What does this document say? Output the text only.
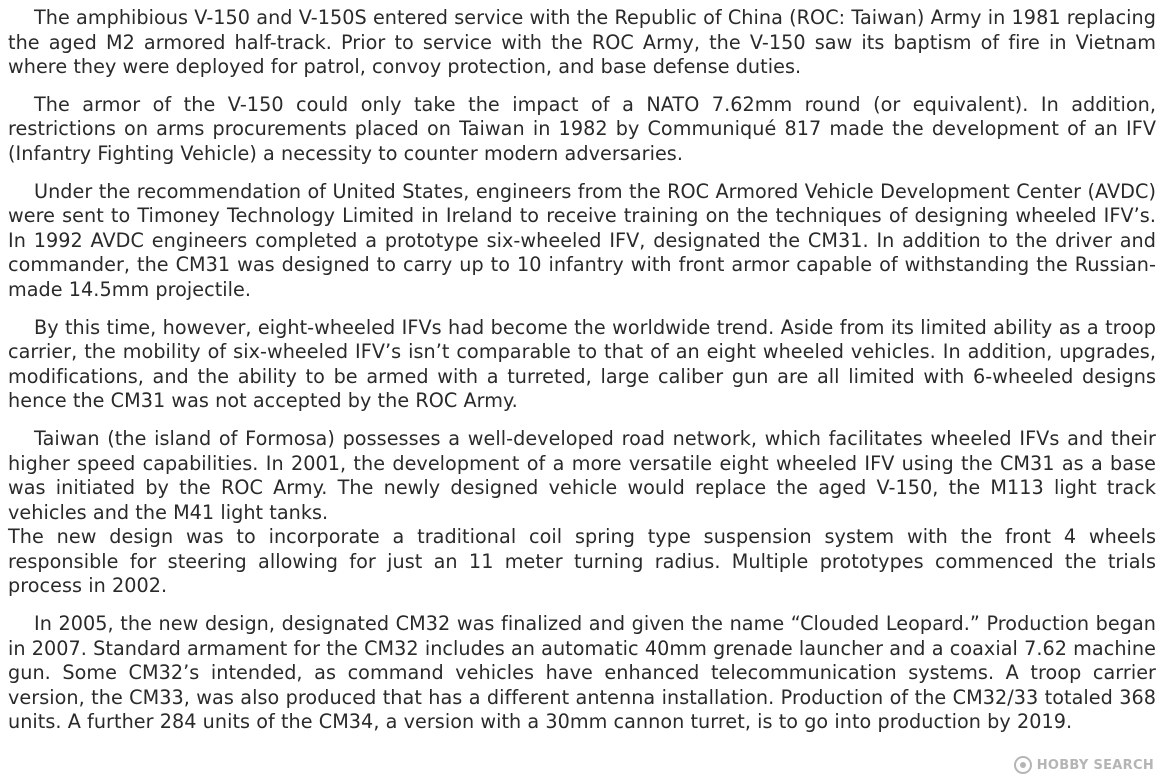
The amphibious V-150 and V-150S entered service with the Republic of China (ROC: Taiwan) Army in 1981 replacing the aged M2 armored half-track. Prior to service with the ROC Army, the V-150 saw its baptism of fire in Vietnam where they were deployed for patrol, convoy protection, and base defense duties.

The armor of the V-150 could only take the impact of a NATO 7.62mm round (or equivalent). In addition, restrictions on arms procurements placed on Taiwan in 1982 by Communiqué 817 made the development of an IFV (Infantry Fighting Vehicle) a necessity to counter modern adversaries.

Under the recommendation of United States, engineers from the ROC Armored Vehicle Development Center (AVDC) were sent to Timoney Technology Limited in Ireland to receive training on the techniques of designing wheeled IFV’s. In 1992 AVDC engineers completed a prototype six-wheeled IFV, designated the CM31. In addition to the driver and commander, the CM31 was designed to carry up to 10 infantry with front armor capable of withstanding the Russian-made 14.5mm projectile.

By this time, however, eight-wheeled IFVs had become the worldwide trend. Aside from its limited ability as a troop carrier, the mobility of six-wheeled IFV’s isn’t comparable to that of an eight wheeled vehicles. In addition, upgrades, modifications, and the ability to be armed with a turreted, large caliber gun are all limited with 6-wheeled designs hence the CM31 was not accepted by the ROC Army.

Taiwan (the island of Formosa) possesses a well-developed road network, which facilitates wheeled IFVs and their higher speed capabilities. In 2001, the development of a more versatile eight wheeled IFV using the CM31 as a base was initiated by the ROC Army. The newly designed vehicle would replace the aged V-150, the M113 light track vehicles and the M41 light tanks.

The new design was to incorporate a traditional coil spring type suspension system with the front 4 wheels responsible for steering allowing for just an 11 meter turning radius. Multiple prototypes commenced the trials process in 2002.

In 2005, the new design, designated CM32 was finalized and given the name “Clouded Leopard.” Production began in 2007. Standard armament for the CM32 includes an automatic 40mm grenade launcher and a coaxial 7.62 machine gun. Some CM32’s intended, as command vehicles have enhanced telecommunication systems. A troop carrier version, the CM33, was also produced that has a different antenna installation. Production of the CM32/33 totaled 368 units. A further 284 units of the CM34, a version with a 30mm cannon turret, is to go into production by 2019.

HOBBY SEARCH
